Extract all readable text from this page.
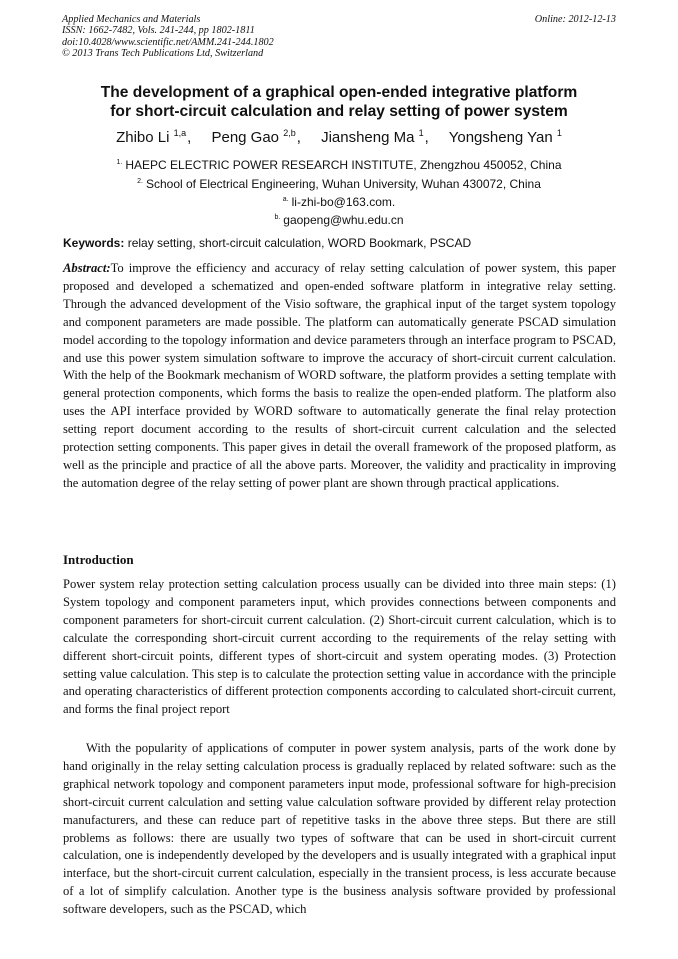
Applied Mechanics and Materials
ISSN: 1662-7482, Vols. 241-244, pp 1802-1811
doi:10.4028/www.scientific.net/AMM.241-244.1802
© 2013 Trans Tech Publications Ltd, Switzerland
Online: 2012-12-13
The development of a graphical open-ended integrative platform
for short-circuit calculation and relay setting of power system
Zhibo Li $^{1,a}$, Peng Gao $^{2,b}$, Jiansheng Ma $^1$, Yongsheng Yan $^1$
$^{1.}$ HAEPC ELECTRIC POWER RESEARCH INSTITUTE, Zhengzhou 450052, China
$^{2.}$ School of Electrical Engineering, Wuhan University, Wuhan 430072, China
$^{a.}$ li-zhi-bo@163.com.
$^{b.}$ gaopeng@whu.edu.cn
Keywords: relay setting, short-circuit calculation, WORD Bookmark, PSCAD
Abstract:To improve the efficiency and accuracy of relay setting calculation of power system, this paper proposed and developed a schematized and open-ended software platform in integrative relay setting. Through the advanced development of the Visio software, the graphical input of the target system topology and component parameters are made possible. The platform can automatically generate PSCAD simulation model according to the topology information and device parameters through an interface program to PSCAD, and use this power system simulation software to improve the accuracy of short-circuit current calculation. With the help of the Bookmark mechanism of WORD software, the platform provides a setting template with general protection components, which forms the basis to realize the open-ended platform. The platform also uses the API interface provided by WORD software to automatically generate the final relay protection setting report document according to the results of short-circuit current calculation and the selected protection setting components. This paper gives in detail the overall framework of the proposed platform, as well as the principle and practice of all the above parts. Moreover, the validity and practicality in improving the automation degree of the relay setting of power plant are shown through practical applications.
Introduction
Power system relay protection setting calculation process usually can be divided into three main steps: (1) System topology and component parameters input, which provides connections between components and component parameters for short-circuit current calculation. (2) Short-circuit current calculation, which is to calculate the corresponding short-circuit current according to the requirements of the relay setting with different short-circuit points, different types of short-circuit and system operating modes. (3) Protection setting value calculation. This step is to calculate the protection setting value in accordance with the principle and operating characteristics of different protection components according to calculated short-circuit current, and forms the final project report
With the popularity of applications of computer in power system analysis, parts of the work done by hand originally in the relay setting calculation process is gradually replaced by related software: such as the graphical network topology and component parameters input mode, professional software for high-precision short-circuit current calculation and setting value calculation software provided by different relay protection manufacturers, and these can reduce part of repetitive tasks in the above three steps. But there are still problems as follows: there are usually two types of software that can be used in short-circuit current calculation, one is independently developed by the developers and is usually integrated with a graphical input interface, but the short-circuit current calculation, especially in the transient process, is less accurate because of a lot of simplify calculation. Another type is the business analysis software provided by professional software developers, such as the PSCAD, which
